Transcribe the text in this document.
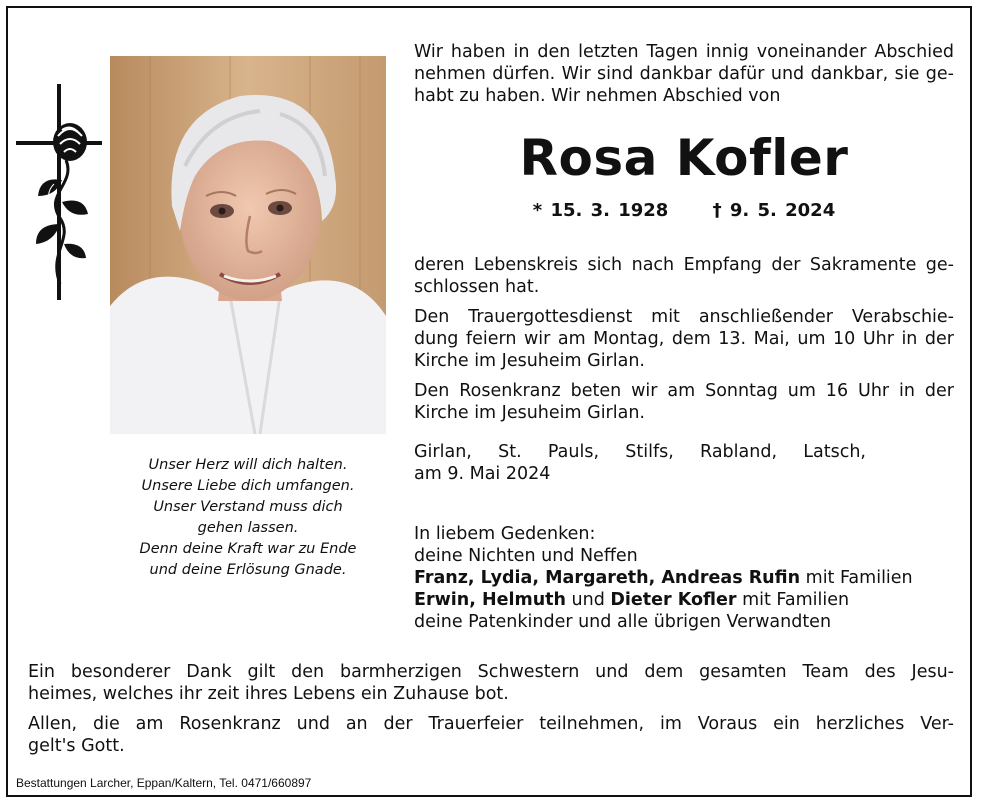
Unser Herz will dich halten.
Unsere Liebe dich umfangen.
Unser Verstand muss dich
gehen lassen.
Denn deine Kraft war zu Ende
und deine Erlösung Gnade.
Wir haben in den letzten Tagen innig voneinander Abschied
nehmen dürfen. Wir sind dankbar dafür und dankbar, sie ge-
habt zu haben. Wir nehmen Abschied von
Rosa Kofler
* 15. 3. 1928 † 9. 5. 2024
deren Lebenskreis sich nach Empfang der Sakramente ge-
schlossen hat.
Den Trauergottesdienst mit anschließender Verabschie-
dung feiern wir am Montag, dem 13. Mai, um 10 Uhr in der
Kirche im Jesuheim Girlan.
Den Rosenkranz beten wir am Sonntag um 16 Uhr in der
Kirche im Jesuheim Girlan.
Girlan, St. Pauls, Stilfs, Rabland, Latsch,
am 9. Mai 2024
In liebem Gedenken:
deine Nichten und Neffen
Franz, Lydia, Margareth, Andreas Rufin mit Familien
Erwin, Helmuth und Dieter Kofler mit Familien
deine Patenkinder und alle übrigen Verwandten
Ein besonderer Dank gilt den barmherzigen Schwestern und dem gesamten Team des Jesu-
heimes, welches ihr zeit ihres Lebens ein Zuhause bot.
Allen, die am Rosenkranz und an der Trauerfeier teilnehmen, im Voraus ein herzliches Ver-
gelt's Gott.
Bestattungen Larcher, Eppan/Kaltern, Tel. 0471/660897
